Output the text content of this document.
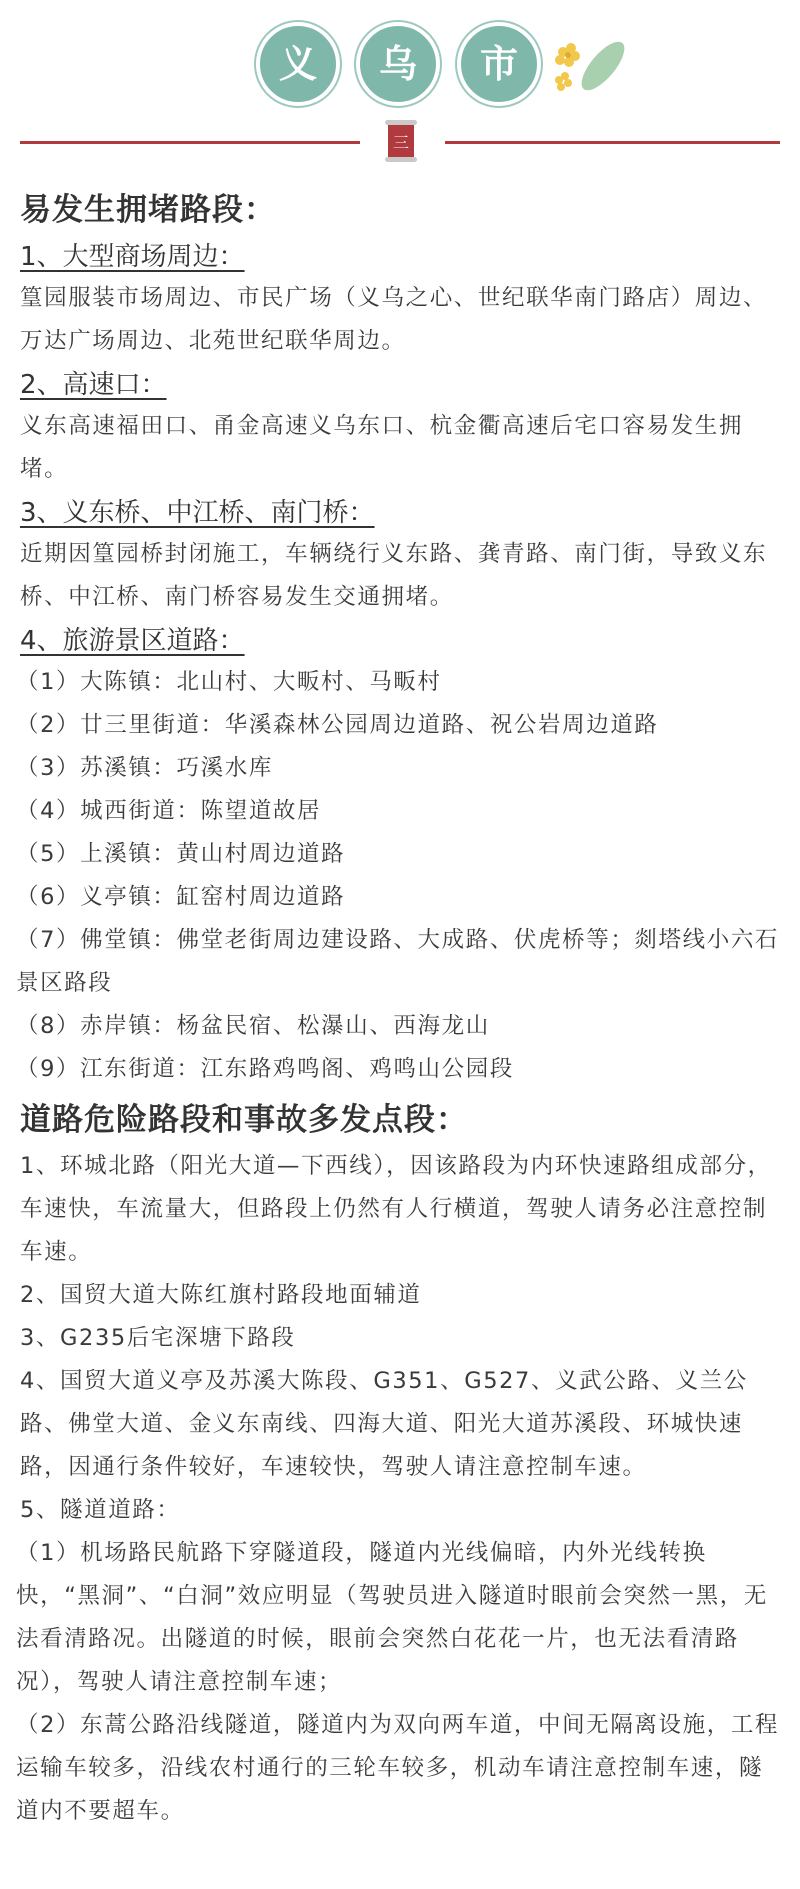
义	乌	市
三
易发生拥堵路段：
1、大型商场周边：
篁园服装市场周边、市民广场（义乌之心、世纪联华南门路店）周边、万达广场周边、北苑世纪联华周边。
2、高速口：
义东高速福田口、甬金高速义乌东口、杭金衢高速后宅口容易发生拥堵。
3、义东桥、中江桥、南门桥：
近期因篁园桥封闭施工，车辆绕行义东路、龚青路、南门街，导致义东桥、中江桥、南门桥容易发生交通拥堵。
4、旅游景区道路：
（1）大陈镇：北山村、大畈村、马畈村
（2）廿三里街道：华溪森林公园周边道路、祝公岩周边道路
（3）苏溪镇：巧溪水库
（4）城西街道：陈望道故居
（5）上溪镇：黄山村周边道路
（6）义亭镇：缸窑村周边道路
（7）佛堂镇：佛堂老街周边建设路、大成路、伏虎桥等；剡塔线小六石景区路段
（8）赤岸镇：杨盆民宿、松瀑山、西海龙山
（9）江东街道：江东路鸡鸣阁、鸡鸣山公园段
道路危险路段和事故多发点段：
1、环城北路（阳光大道—下西线），因该路段为内环快速路组成部分，车速快，车流量大，但路段上仍然有人行横道，驾驶人请务必注意控制车速。
2、国贸大道大陈红旗村路段地面辅道
3、G235后宅深塘下路段
4、国贸大道义亭及苏溪大陈段、G351、G527、义武公路、义兰公路、佛堂大道、金义东南线、四海大道、阳光大道苏溪段、环城快速路，因通行条件较好，车速较快，驾驶人请注意控制车速。
5、隧道道路：
（1）机场路民航路下穿隧道段，隧道内光线偏暗，内外光线转换快，“黑洞”、“白洞”效应明显（驾驶员进入隧道时眼前会突然一黑，无法看清路况。出隧道的时候，眼前会突然白花花一片，也无法看清路况），驾驶人请注意控制车速；
（2）东蒿公路沿线隧道，隧道内为双向两车道，中间无隔离设施，工程运输车较多，沿线农村通行的三轮车较多，机动车请注意控制车速，隧道内不要超车。
